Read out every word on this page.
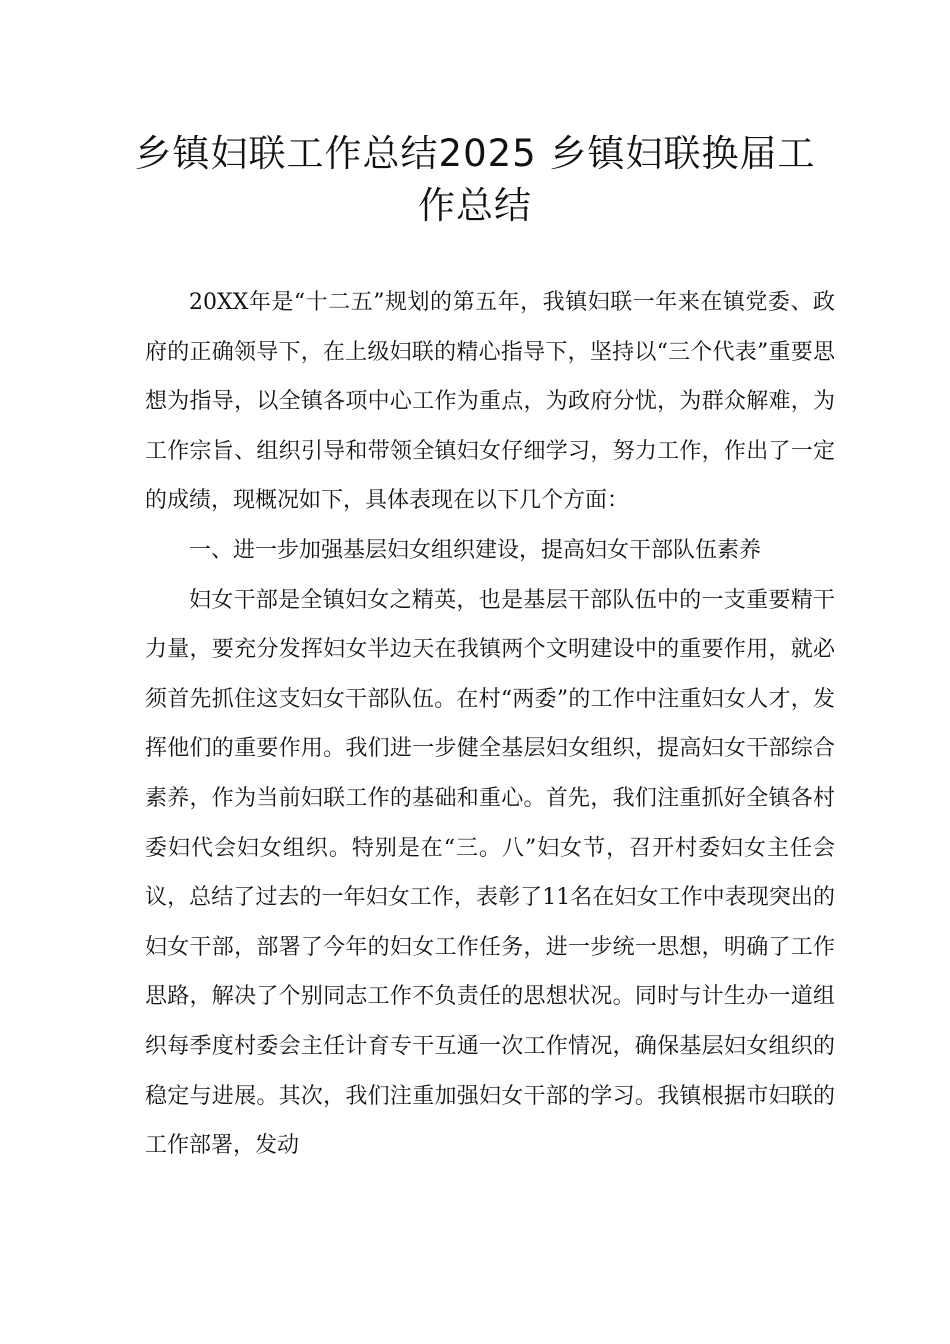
乡镇妇联工作总结2025 乡镇妇联换届工作总结

20XX年是“十二五”规划的第五年，我镇妇联一年来在镇党委、政府的正确领导下，在上级妇联的精心指导下，坚持以“三个代表”重要思想为指导，以全镇各项中心工作为重点，为政府分忧，为群众解难，为工作宗旨、组织引导和带领全镇妇女仔细学习，努力工作，作出了一定的成绩，现概况如下，具体表现在以下几个方面：

一、进一步加强基层妇女组织建设，提高妇女干部队伍素养

妇女干部是全镇妇女之精英，也是基层干部队伍中的一支重要精干力量，要充分发挥妇女半边天在我镇两个文明建设中的重要作用，就必须首先抓住这支妇女干部队伍。在村“两委”的工作中注重妇女人才，发挥他们的重要作用。我们进一步健全基层妇女组织，提高妇女干部综合素养，作为当前妇联工作的基础和重心。首先，我们注重抓好全镇各村委妇代会妇女组织。特别是在“三。八”妇女节，召开村委妇女主任会议，总结了过去的一年妇女工作，表彰了11名在妇女工作中表现突出的妇女干部，部署了今年的妇女工作任务，进一步统一思想，明确了工作思路，解决了个别同志工作不负责任的思想状况。同时与计生办一道组织每季度村委会主任计育专干互通一次工作情况，确保基层妇女组织的稳定与进展。其次，我们注重加强妇女干部的学习。我镇根据市妇联的工作部署，发动
